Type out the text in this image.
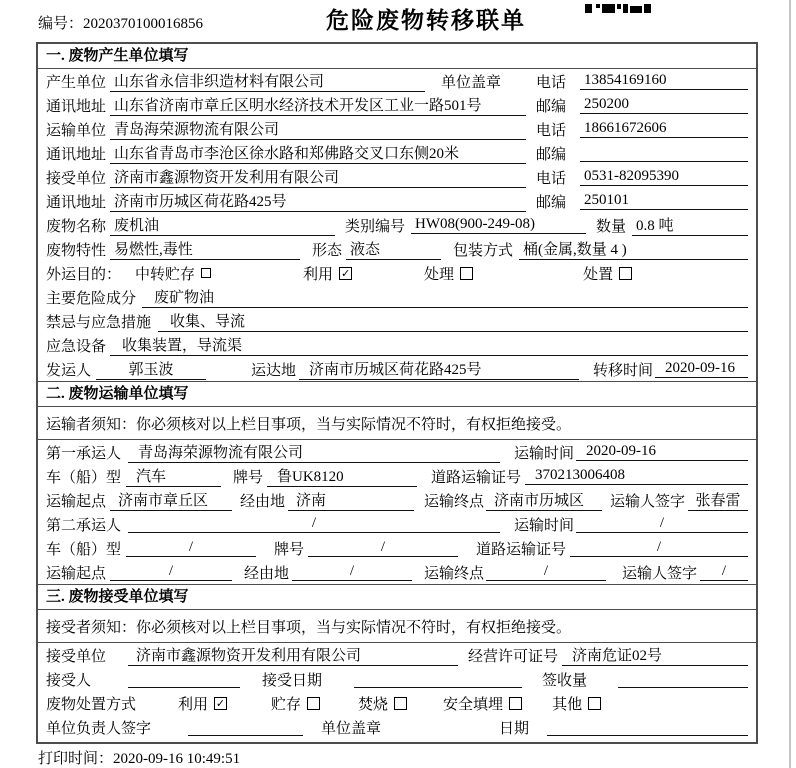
编号：2020370100016856	危险废物转移联单
一. 废物产生单位填写
产生单位 山东省永信非织造材料有限公司	单位盖章 电话	13854169160
通讯地址 山东省济南市章丘区明水经济技术开发区工业一路501号	邮编	250200
运输单位 青岛海荣源物流有限公司	电话	18661672606
通讯地址 山东省青岛市李沧区徐水路和郑佛路交叉口东侧20米	邮编
接受单位 济南市鑫源物资开发利用有限公司	电话	0531-82095390
通讯地址 济南市历城区荷花路425号	邮编	250101
废物名称 废机油	类别编号 HW08(900-249-08)	数量 0.8 吨
废物特性 易燃性,毒性	形态 液态	包装方式 桶(金属,数量 4 )
外运目的： 中转贮存	利用 ✓	处理	处置
主要危险成分	废矿物油
禁忌与应急措施	收集、导流
应急设备	收集装置，导流渠
发运人	郭玉波	运达地 济南市历城区荷花路425号	转移时间 2020-09-16
二. 废物运输单位填写
运输者须知：你必须核对以上栏目事项，当与实际情况不符时，有权拒绝接受。
第一承运人	青岛海荣源物流有限公司	运输时间 2020-09-16
车（船）型 汽车	牌号 鲁UK8120	道路运输证号 370213006408
运输起点 济南市章丘区	经由地 济南	运输终点 济南市历城区	运输人签字 张春雷
第二承运人	/	运输时间	/
车（船）型	/	牌号	/	道路运输证号	/
运输起点	/	经由地	/	运输终点	/	运输人签字	/
三. 废物接受单位填写
接受者须知：你必须核对以上栏目事项，当与实际情况不符时，有权拒绝接受。
接受单位	济南市鑫源物资开发利用有限公司	经营许可证号 济南危证02号
接受人	接受日期	签收量
废物处置方式	利用 ✓	贮存	焚烧	安全填埋	其他
单位负责人签字	单位盖章	日期
打印时间：2020-09-16 10:49:51
